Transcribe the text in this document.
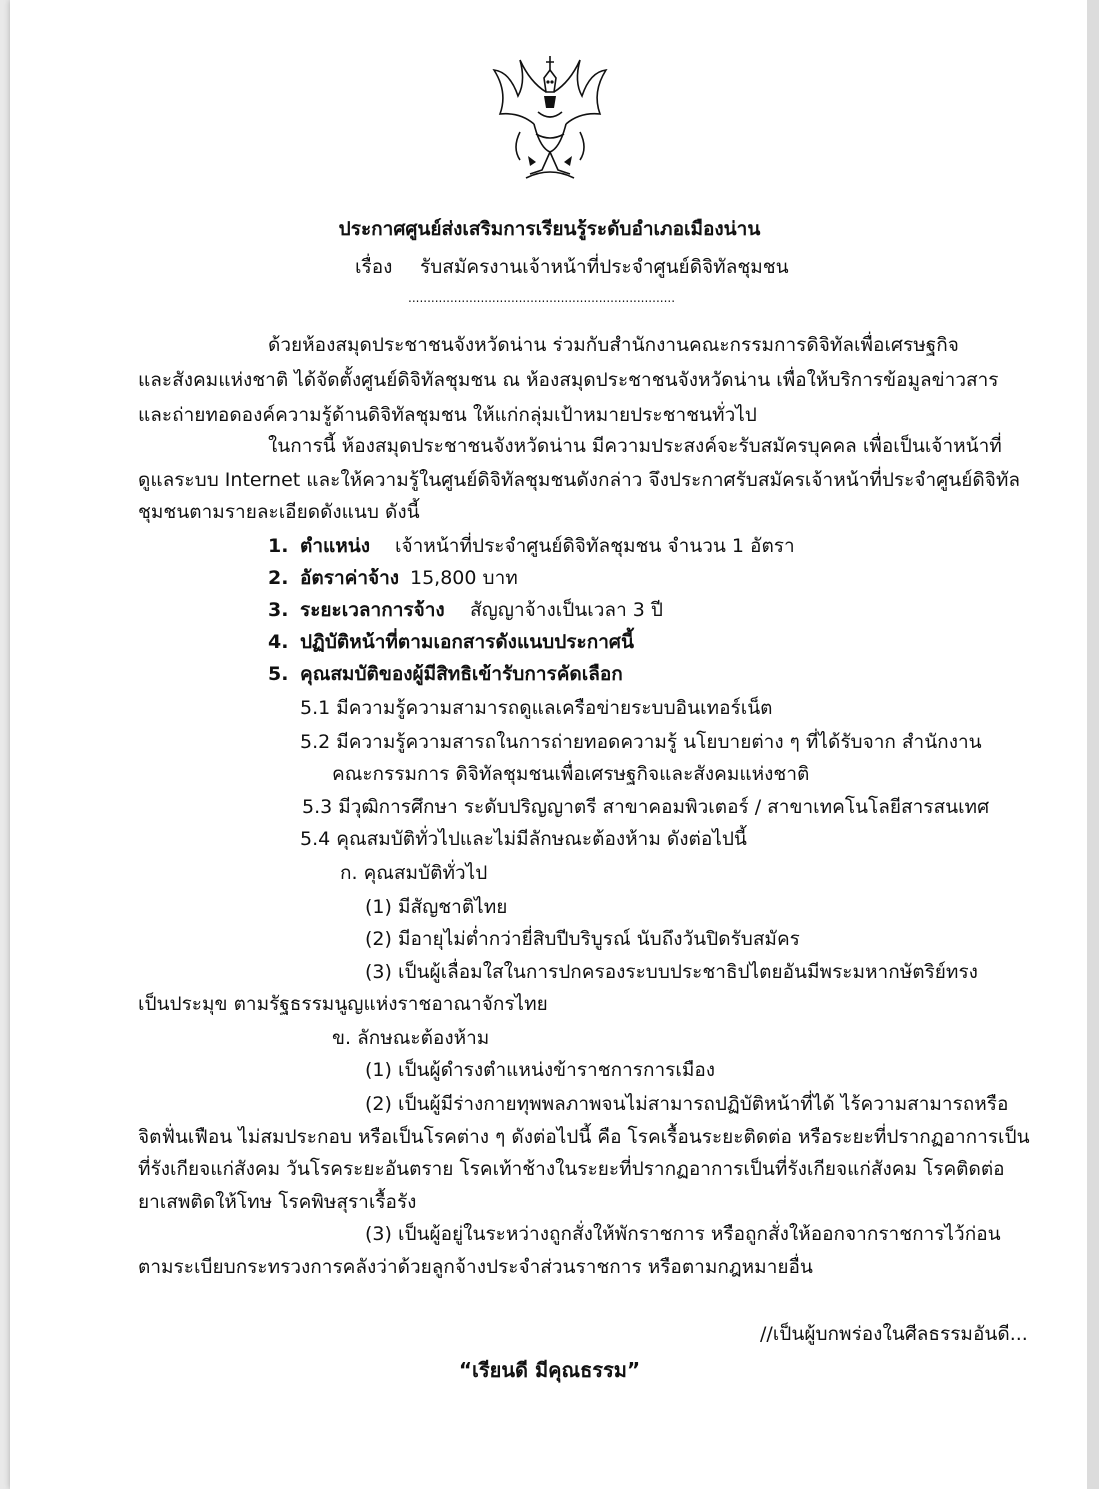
ประกาศศูนย์ส่งเสริมการเรียนรู้ระดับอำเภอเมืองน่าน
เรื่อง รับสมัครงานเจ้าหน้าที่ประจำศูนย์ดิจิทัลชุมชน
......................................................................
ด้วยห้องสมุดประชาชนจังหวัดน่าน ร่วมกับสำนักงานคณะกรรมการดิจิทัลเพื่อเศรษฐกิจ
และสังคมแห่งชาติ ได้จัดตั้งศูนย์ดิจิทัลชุมชน ณ ห้องสมุดประชาชนจังหวัดน่าน เพื่อให้บริการข้อมูลข่าวสาร
และถ่ายทอดองค์ความรู้ด้านดิจิทัลชุมชน ให้แก่กลุ่มเป้าหมายประชาชนทั่วไป
ในการนี้ ห้องสมุดประชาชนจังหวัดน่าน มีความประสงค์จะรับสมัครบุคคล เพื่อเป็นเจ้าหน้าที่
ดูแลระบบ Internet และให้ความรู้ในศูนย์ดิจิทัลชุมชนดังกล่าว จึงประกาศรับสมัครเจ้าหน้าที่ประจำศูนย์ดิจิทัล
ชุมชนตามรายละเอียดดังแนบ ดังนี้
1. ตำแหน่ง เจ้าหน้าที่ประจำศูนย์ดิจิทัลชุมชน จำนวน 1 อัตรา
2. อัตราค่าจ้าง 15,800 บาท
3. ระยะเวลาการจ้าง สัญญาจ้างเป็นเวลา 3 ปี
4. ปฏิบัติหน้าที่ตามเอกสารดังแนบประกาศนี้
5. คุณสมบัติของผู้มีสิทธิเข้ารับการคัดเลือก
5.1 มีความรู้ความสามารถดูแลเครือข่ายระบบอินเทอร์เน็ต
5.2 มีความรู้ความสารถในการถ่ายทอดความรู้ นโยบายต่าง ๆ ที่ได้รับจาก สำนักงาน
คณะกรรมการ ดิจิทัลชุมชนเพื่อเศรษฐกิจและสังคมแห่งชาติ
5.3 มีวุฒิการศึกษา ระดับปริญญาตรี สาขาคอมพิวเตอร์ / สาขาเทคโนโลยีสารสนเทศ
5.4 คุณสมบัติทั่วไปและไม่มีลักษณะต้องห้าม ดังต่อไปนี้
ก. คุณสมบัติทั่วไป
(1) มีสัญชาติไทย
(2) มีอายุไม่ต่ำกว่ายี่สิบปีบริบูรณ์ นับถึงวันปิดรับสมัคร
(3) เป็นผู้เลื่อมใสในการปกครองระบบประชาธิปไตยอันมีพระมหากษัตริย์ทรง
เป็นประมุข ตามรัฐธรรมนูญแห่งราชอาณาจักรไทย
ข. ลักษณะต้องห้าม
(1) เป็นผู้ดำรงตำแหน่งข้าราชการการเมือง
(2) เป็นผู้มีร่างกายทุพพลภาพจนไม่สามารถปฏิบัติหน้าที่ได้ ไร้ความสามารถหรือ
จิตฟั่นเฟือน ไม่สมประกอบ หรือเป็นโรคต่าง ๆ ดังต่อไปนี้ คือ โรคเรื้อนระยะติดต่อ หรือระยะที่ปรากฏอาการเป็น
ที่รังเกียจแก่สังคม วันโรคระยะอันตราย โรคเท้าช้างในระยะที่ปรากฏอาการเป็นที่รังเกียจแก่สังคม โรคติดต่อ
ยาเสพติดให้โทษ โรคพิษสุราเรื้อรัง
(3) เป็นผู้อยู่ในระหว่างถูกสั่งให้พักราชการ หรือถูกสั่งให้ออกจากราชการไว้ก่อน
ตามระเบียบกระทรวงการคลังว่าด้วยลูกจ้างประจำส่วนราชการ หรือตามกฎหมายอื่น
//เป็นผู้บกพร่องในศีลธรรมอันดี...
“เรียนดี มีคุณธรรม”
